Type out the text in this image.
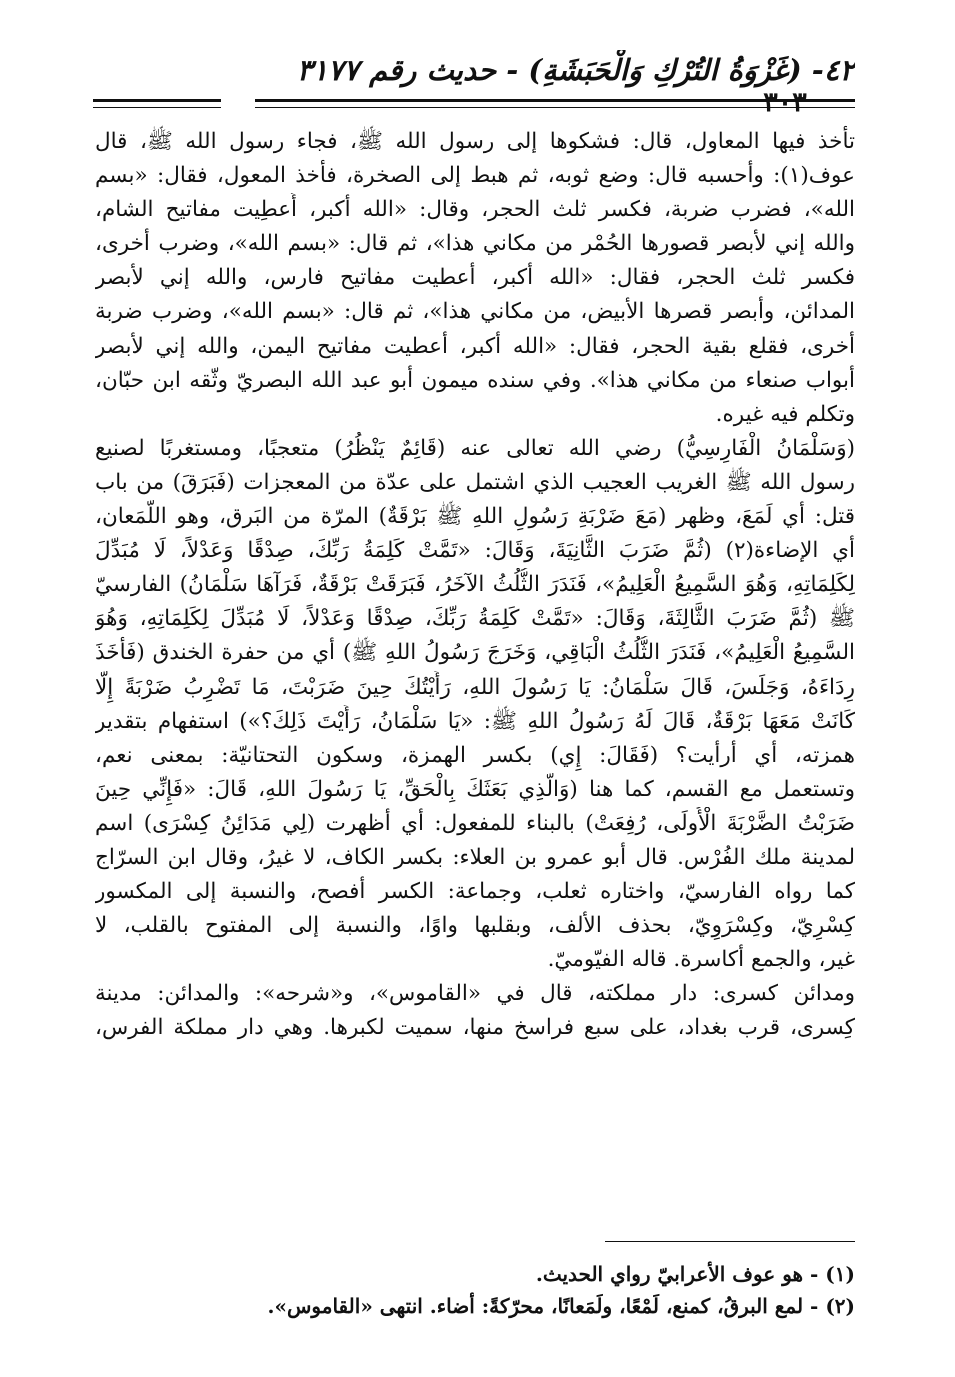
٤٢- (غَزْوَةُ التُرْكِ وَالْحَبَشَةِ) - حديث رقم ٣١٧٧
٣٠٣
تأخذ فيها المعاول، قال: فشكوها إلى رسول الله ﷺ، فجاء رسول الله ﷺ، قال
عوف(١): وأحسبه قال: وضع ثوبه، ثم هبط إلى الصخرة، فأخذ المعول، فقال: «بسم
الله»، فضرب ضربة، فكسر ثلث الحجر، وقال: «الله أكبر، أُعطِيت مفاتيح الشام،
والله إني لأبصر قصورها الحُمْر من مكاني هذا»، ثم قال: «بسم الله»، وضرب أخرى،
فكسر ثلث الحجر، فقال: «الله أكبر، أعطيت مفاتيح فارس، والله إني لأبصر
المدائن، وأبصر قصرها الأبيض، من مكاني هذا»، ثم قال: «بسم الله»، وضرب ضربة
أخرى، فقلع بقية الحجر، فقال: «الله أكبر، أعطيت مفاتيح اليمن، والله إني لأبصر
أبواب صنعاء من مكاني هذا». وفي سنده ميمون أبو عبد الله البصريّ وثّقه ابن حبّان،
وتكلم فيه غيره.
(وَسَلْمَانُ الْفَارِسِيُّ) رضي الله تعالى عنه (قَائِمٌ يَنْظُرُ) متعجبًا، ومستغربًا لصنيع
رسول الله ﷺ الغريب العجيب الذي اشتمل على عدّة من المعجزات (فَبَرَقَ) من باب
قتل: أي لَمَعَ، وظهر (مَعَ ضَرْبَةِ رَسُولِ اللهِ ﷺ بَرْقَةٌ) المرّة من البَرق، وهو اللَّمَعان،
أي الإضاءة(٢) (ثُمَّ ضَرَبَ الثَّانِيَةَ، وَقَالَ: «تَمَّتْ كَلِمَةُ رَبِّكَ، صِدْقًا وَعَدْلاً، لَا مُبَدِّلَ
لِكَلِمَاتِهِ، وَهُوَ السَّمِيعُ الْعَلِيمُ»، فَنَدَرَ الثُّلُثُ الآخَرُ، فَبَرَقَتْ بَرْقَةٌ، فَرَآهَا سَلْمَانُ) الفارسيّ
ﷺ (ثُمَّ ضَرَبَ الثَّالِثَةَ، وَقَالَ: «تَمَّتْ كَلِمَةُ رَبِّكَ، صِدْقًا وَعَدْلاً، لَا مُبَدِّلَ لِكَلِمَاتِهِ، وَهُوَ
السَّمِيعُ الْعَلِيمُ»، فَنَدَرَ الثُّلُثُ الْبَاقِي، وَخَرَجَ رَسُولُ اللهِ ﷺ) أي من حفرة الخندق (فَأَخَذَ
رِدَاءَهُ، وَجَلَسَ، قَالَ سَلْمَانُ: يَا رَسُولَ اللهِ، رَأَيْتُكَ حِينَ ضَرَبْتَ، مَا تَضْرِبُ ضَرْبَةً إِلَّا
كَانَتْ مَعَهَا بَرْقَةٌ، قَالَ لَهُ رَسُولُ اللهِ ﷺ: «يَا سَلْمَانُ، رَأَيْتَ ذَلِكَ؟») استفهام بتقدير
همزته، أي أرأيت؟ (فَقَالَ: إِي) بكسر الهمزة، وسكون التحتانيّة: بمعنى نعم،
وتستعمل مع القسم، كما هنا (وَالَّذِي بَعَثَكَ بِالْحَقِّ، يَا رَسُولَ اللهِ، قَالَ: «فَإِنِّي حِينَ
ضَرَبْتُ الضَّرْبَةَ الْأُولَى، رُفِعَتْ) بالبناء للمفعول: أي أظهرت (لِي مَدَائِنُ كِسْرَى) اسم
لمدينة ملك الفُرْس. قال أبو عمرو بن العلاء: بكسر الكاف، لا غيرُ، وقال ابن السرّاج
كما رواه الفارسيّ، واختاره ثعلب، وجماعة: الكسر أفصح، والنسبة إلى المكسور
كِسْرِيّ، وكِسْرَوِيّ، بحذف الألف، وبقلبها واوًا، والنسبة إلى المفتوح بالقلب، لا
غير، والجمع أكاسرة. قاله الفيّوميّ.
ومدائن كسرى: دار مملكته، قال في «القاموس»، و«شرحه»: والمدائن: مدينة
كِسرى، قرب بغداد، على سبع فراسخ منها، سميت لكبرها. وهي دار مملكة الفرس،
(١) - هو عوف الأعرابيّ رواي الحديث.
(٢) - لمع البرقُ، كمنع، لَمْعًا، ولَمَعانًا، محرّكةً: أضاء. انتهى «القاموس».
